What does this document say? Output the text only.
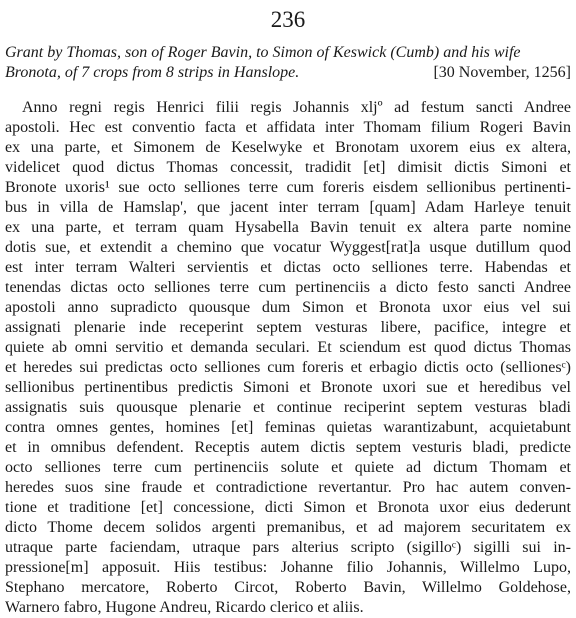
236
Grant by Thomas, son of Roger Bavin, to Simon of Keswick (Cumb) and his wife
Bronota, of 7 crops from 8 strips in Hanslope.	[30 November, 1256]
Anno regni regis Henrici filii regis Johannis xljº ad festum sancti Andree
apostoli. Hec est conventio facta et affidata inter Thomam filium Rogeri Bavin
ex una parte, et Simonem de Keselwyke et Bronotam uxorem eius ex altera,
videlicet quod dictus Thomas concessit, tradidit [et] dimisit dictis Simoni et
Bronote uxoris¹ sue octo selliones terre cum foreris eisdem sellionibus pertinenti-
bus in villa de Hamslap', que jacent inter terram [quam] Adam Harleye tenuit
ex una parte, et terram quam Hysabella Bavin tenuit ex altera parte nomine
dotis sue, et extendit a chemino que vocatur Wyggest[rat]a usque dutillum quod
est inter terram Walteri servientis et dictas octo selliones terre. Habendas et
tenendas dictas octo selliones terre cum pertinenciis a dicto festo sancti Andree
apostoli anno supradicto quousque dum Simon et Bronota uxor eius vel sui
assignati plenarie inde receperint septem vesturas libere, pacifice, integre et
quiete ab omni servitio et demanda seculari. Et sciendum est quod dictus Thomas
et heredes sui predictas octo selliones cum foreris et erbagio dictis octo (sellionesᶜ)
sellionibus pertinentibus predictis Simoni et Bronote uxori sue et heredibus vel
assignatis suis quousque plenarie et continue reciperint septem vesturas bladi
contra omnes gentes, homines [et] feminas quietas warantizabunt, acquietabunt
et in omnibus defendent. Receptis autem dictis septem vesturis bladi, predicte
octo selliones terre cum pertinenciis solute et quiete ad dictum Thomam et
heredes suos sine fraude et contradictione revertantur. Pro hac autem conven-
tione et traditione [et] concessione, dicti Simon et Bronota uxor eius dederunt
dicto Thome decem solidos argenti premanibus, et ad majorem securitatem ex
utraque parte faciendam, utraque pars alterius scripto (sigilloᶜ) sigilli sui in-
pressione[m] apposuit. Hiis testibus: Johanne filio Johannis, Willelmo Lupo,
Stephano mercatore, Roberto Circot, Roberto Bavin, Willelmo Goldehose,
Warnero fabro, Hugone Andreu, Ricardo clerico et aliis.
